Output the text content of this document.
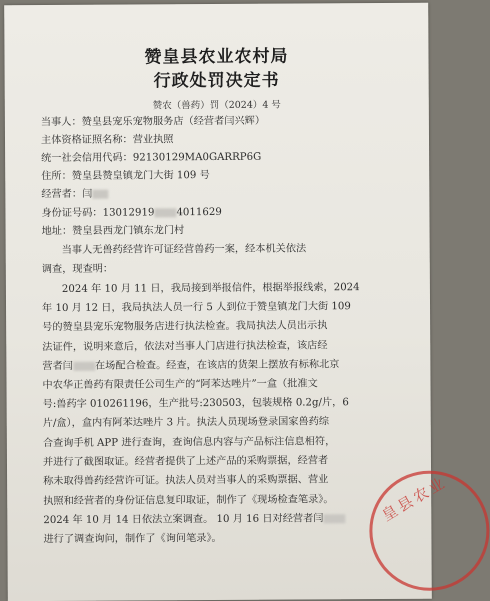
赞皇县农业农村局
行政处罚决定书
赞农（兽药）罚（2024）4 号
当事人：赞皇县宠乐宠物服务店（经营者闫兴辉）
主体资格证照名称：营业执照
统一社会信用代码：92130129MA0GARRP6G
住所：赞皇县赞皇镇龙门大街 109 号
经营者：闫
身份证号码：13012919 4011629
地址：赞皇县西龙门镇东龙门村
当事人无兽药经营许可证经营兽药一案，经本机关依法
调查，现查明：
2024 年 10 月 11 日，我局接到举报信件，根据举报线索，2024
年 10 月 12 日，我局执法人员一行 5 人到位于赞皇镇龙门大街 109
号的赞皇县宠乐宠物服务店进行执法检查。我局执法人员出示执
法证件，说明来意后，依法对当事人门店进行执法检查，该店经
营者闫 在场配合检查。经查，在该店的货架上摆放有标称北京
中农华正兽药有限责任公司生产的“阿苯达唑片”一盒（批准文
号:兽药字 010261196，生产批号:230503，包装规格 0.2g/片，6
片/盒），盒内有阿苯达唑片 3 片。执法人员现场登录国家兽药综
合查询手机 APP 进行查询，查询信息内容与产品标注信息相符，
并进行了截图取证。经营者提供了上述产品的采购票据，经营者
称未取得兽药经营许可证。执法人员对当事人的采购票据、营业
执照和经营者的身份证信息复印取证，制作了《现场检查笔录》。
2024 年 10 月 14 日依法立案调查。 10 月 16 日对经营者闫
进行了调查询问，制作了《询问笔录》。
皇县农业
